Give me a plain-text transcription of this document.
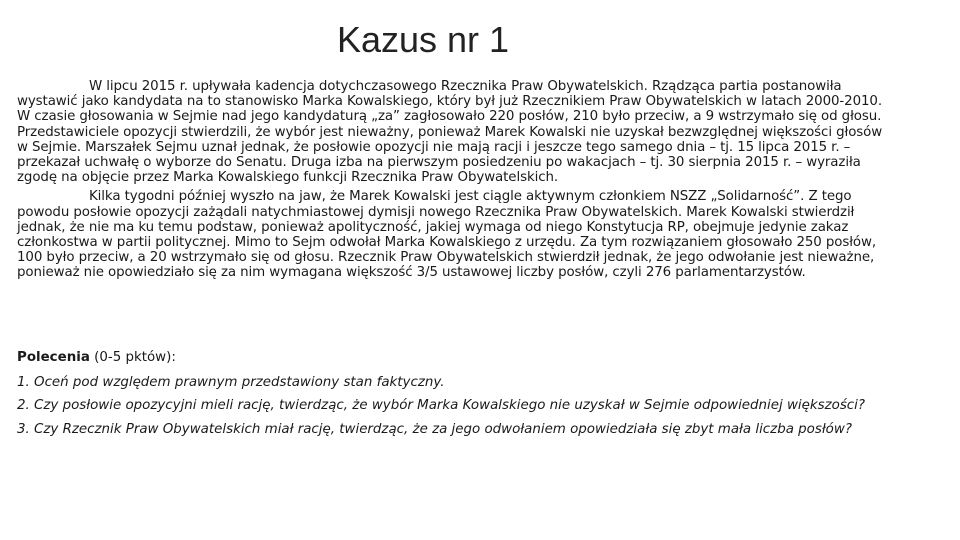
Kazus nr 1

W lipcu 2015 r. upływała kadencja dotychczasowego Rzecznika Praw Obywatelskich. Rządząca partia postanowiła wystawić jako kandydata na to stanowisko Marka Kowalskiego, który był już Rzecznikiem Praw Obywatelskich w latach 2000-2010. W czasie głosowania w Sejmie nad jego kandydaturą „za” zagłosowało 220 posłów, 210 było przeciw, a 9 wstrzymało się od głosu. Przedstawiciele opozycji stwierdzili, że wybór jest nieważny, ponieważ Marek Kowalski nie uzyskał bezwzględnej większości głosów w Sejmie. Marszałek Sejmu uznał jednak, że posłowie opozycji nie mają racji i jeszcze tego samego dnia – tj. 15 lipca 2015 r. – przekazał uchwałę o wyborze do Senatu. Druga izba na pierwszym posiedzeniu po wakacjach – tj. 30 sierpnia 2015 r. – wyraziła zgodę na objęcie przez Marka Kowalskiego funkcji Rzecznika Praw Obywatelskich.

Kilka tygodni później wyszło na jaw, że Marek Kowalski jest ciągle aktywnym członkiem NSZZ „Solidarność”. Z tego powodu posłowie opozycji zażądali natychmiastowej dymisji nowego Rzecznika Praw Obywatelskich. Marek Kowalski stwierdził jednak, że nie ma ku temu podstaw, ponieważ apolityczność, jakiej wymaga od niego Konstytucja RP, obejmuje jedynie zakaz członkostwa w partii politycznej. Mimo to Sejm odwołał Marka Kowalskiego z urzędu. Za tym rozwiązaniem głosowało 250 posłów, 100 było przeciw, a 20 wstrzymało się od głosu. Rzecznik Praw Obywatelskich stwierdził jednak, że jego odwołanie jest nieważne, ponieważ nie opowiedziało się za nim wymagana większość 3/5 ustawowej liczby posłów, czyli 276 parlamentarzystów.

Polecenia (0-5 pktów):

1. Oceń pod względem prawnym przedstawiony stan faktyczny.

2. Czy posłowie opozycyjni mieli rację, twierdząc, że wybór Marka Kowalskiego nie uzyskał w Sejmie odpowiedniej większości?

3. Czy Rzecznik Praw Obywatelskich miał rację, twierdząc, że za jego odwołaniem opowiedziała się zbyt mała liczba posłów?
